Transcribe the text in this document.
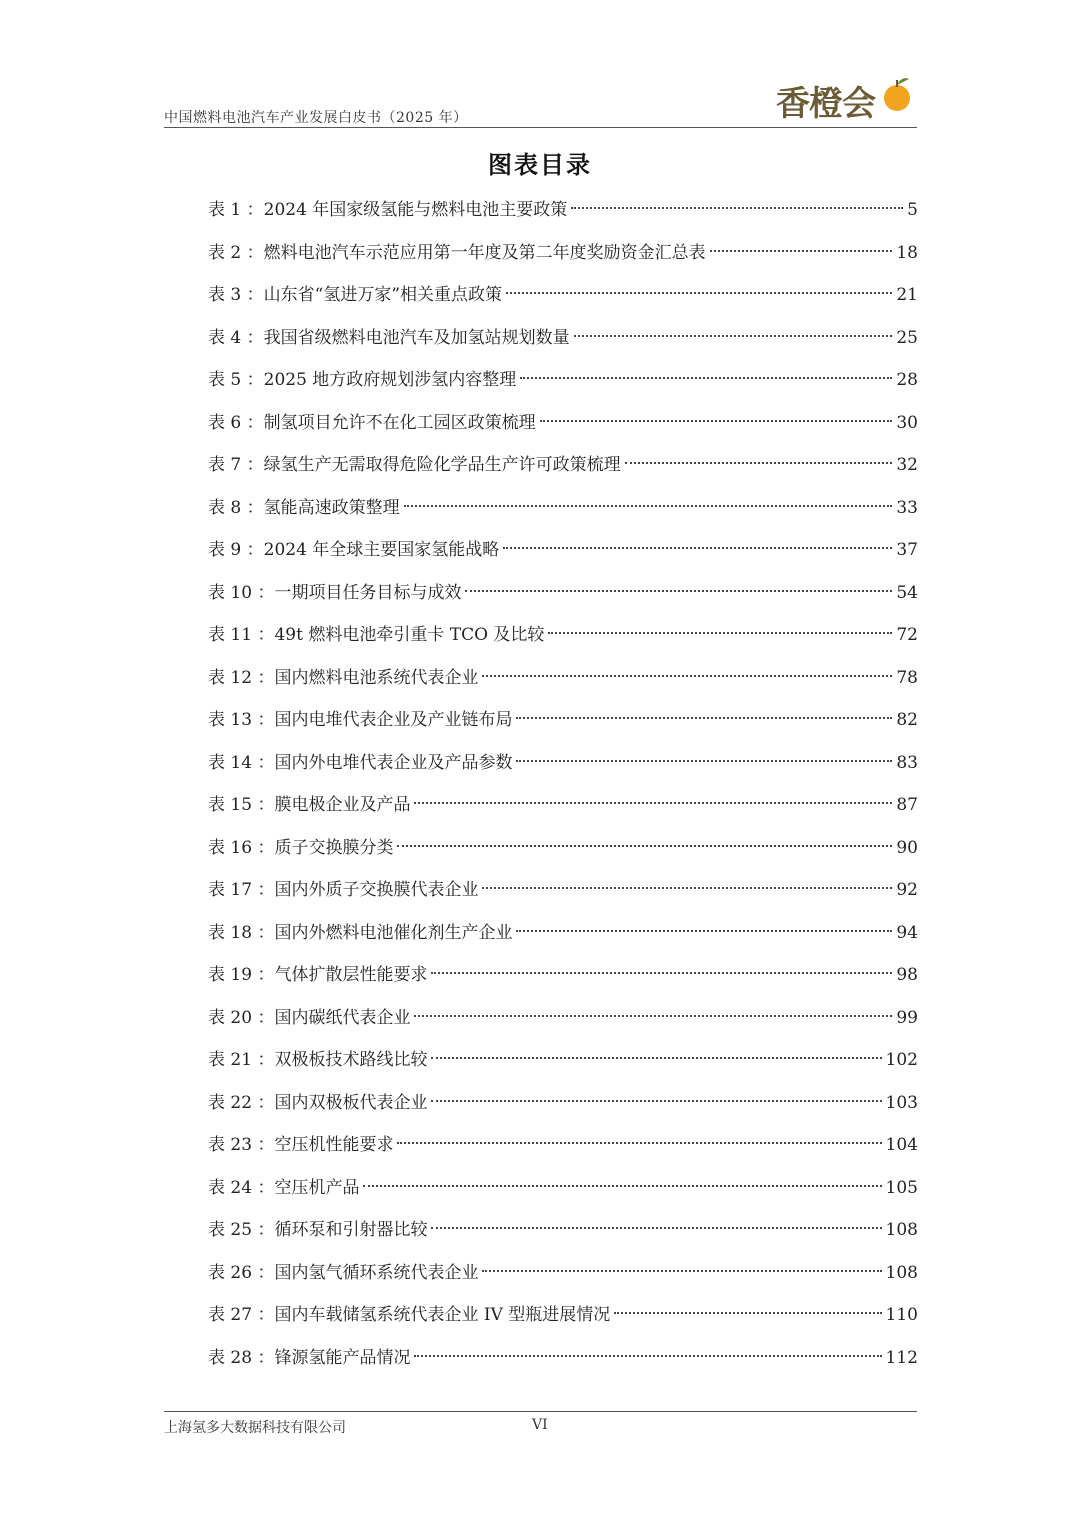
中国燃料电池汽车产业发展白皮书（2025 年）	香橙会
图表目录
表 1 ： 2024 年国家级氢能与燃料电池主要政策	5
表 2 ： 燃料电池汽车示范应用第一年度及第二年度奖励资金汇总表	18
表 3 ： 山东省“氢进万家”相关重点政策	21
表 4 ： 我国省级燃料电池汽车及加氢站规划数量	25
表 5 ： 2025 地方政府规划涉氢内容整理	28
表 6 ： 制氢项目允许不在化工园区政策梳理	30
表 7 ： 绿氢生产无需取得危险化学品生产许可政策梳理	32
表 8 ： 氢能高速政策整理	33
表 9 ： 2024 年全球主要国家氢能战略	37
表 10 ： 一期项目任务目标与成效	54
表 11 ： 49t 燃料电池牵引重卡 TCO 及比较	72
表 12 ： 国内燃料电池系统代表企业	78
表 13 ： 国内电堆代表企业及产业链布局	82
表 14 ： 国内外电堆代表企业及产品参数	83
表 15 ： 膜电极企业及产品	87
表 16 ： 质子交换膜分类	90
表 17 ： 国内外质子交换膜代表企业	92
表 18 ： 国内外燃料电池催化剂生产企业	94
表 19 ： 气体扩散层性能要求	98
表 20 ： 国内碳纸代表企业	99
表 21 ： 双极板技术路线比较	102
表 22 ： 国内双极板代表企业	103
表 23 ： 空压机性能要求	104
表 24 ： 空压机产品	105
表 25 ： 循环泵和引射器比较	108
表 26 ： 国内氢气循环系统代表企业	108
表 27 ： 国内车载储氢系统代表企业 IV 型瓶进展情况	110
表 28 ： 锋源氢能产品情况	112
上海氢多大数据科技有限公司	VI
